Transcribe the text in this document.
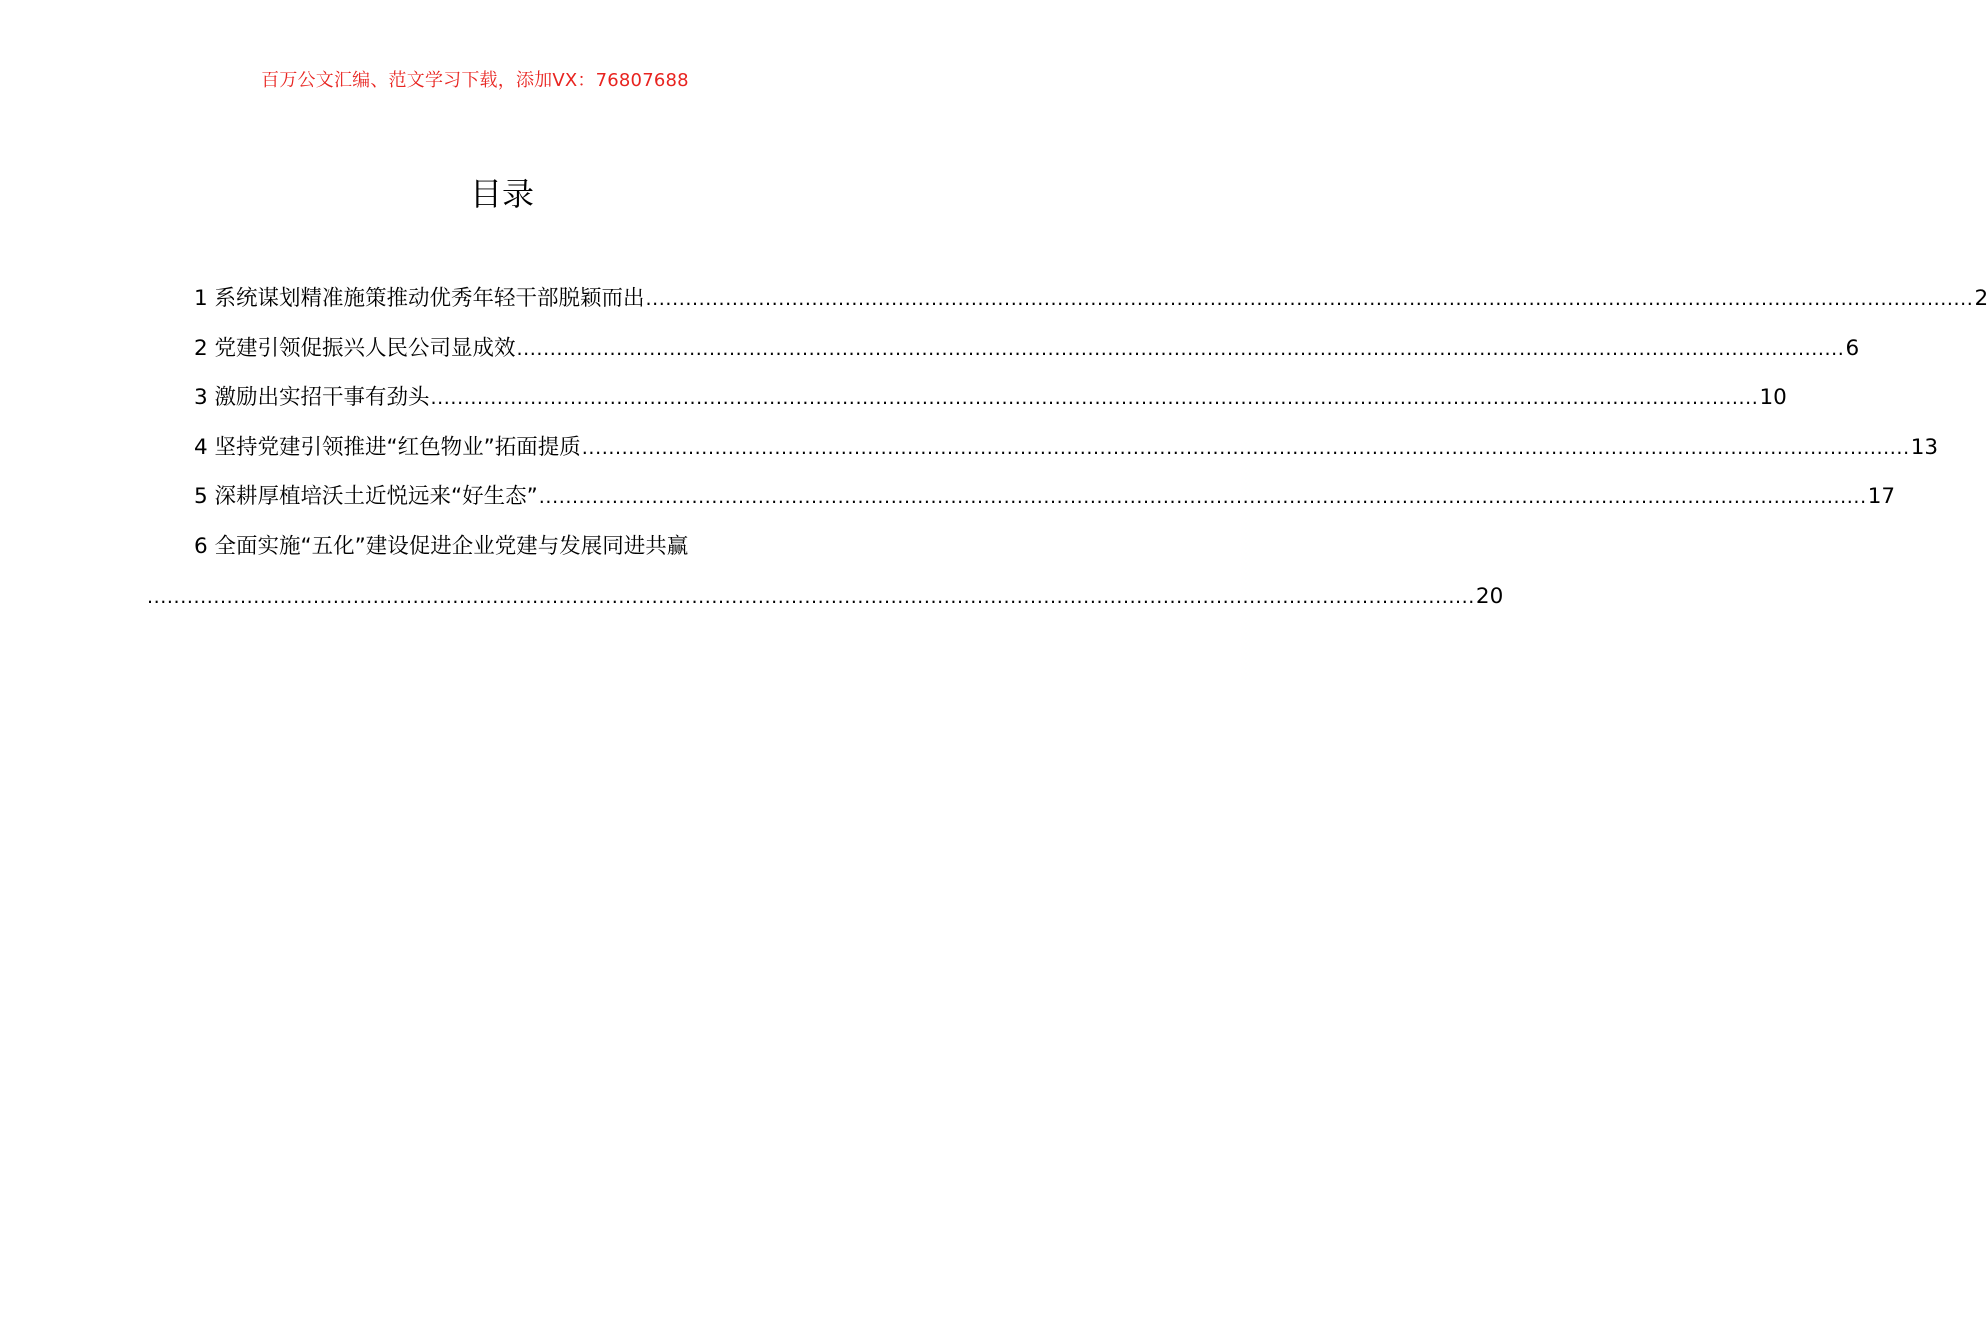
百万公文汇编、范文学习下载，添加VX：76807688
目录
1 系统谋划精准施策推动优秀年轻干部脱颖而出 ........................................................................................................................................................................................................ 2
2 党建引领促振兴人民公司显成效 ........................................................................................................................................................................................................ 6
3 激励出实招干事有劲头 ........................................................................................................................................................................................................ 10
4 坚持党建引领推进“红色物业”拓面提质 ........................................................................................................................................................................................................ 13
5 深耕厚植培沃土近悦远来“好生态” ........................................................................................................................................................................................................ 17
6 全面实施“五化”建设促进企业党建与发展同进共赢
........................................................................................................................................................................................................ 20
